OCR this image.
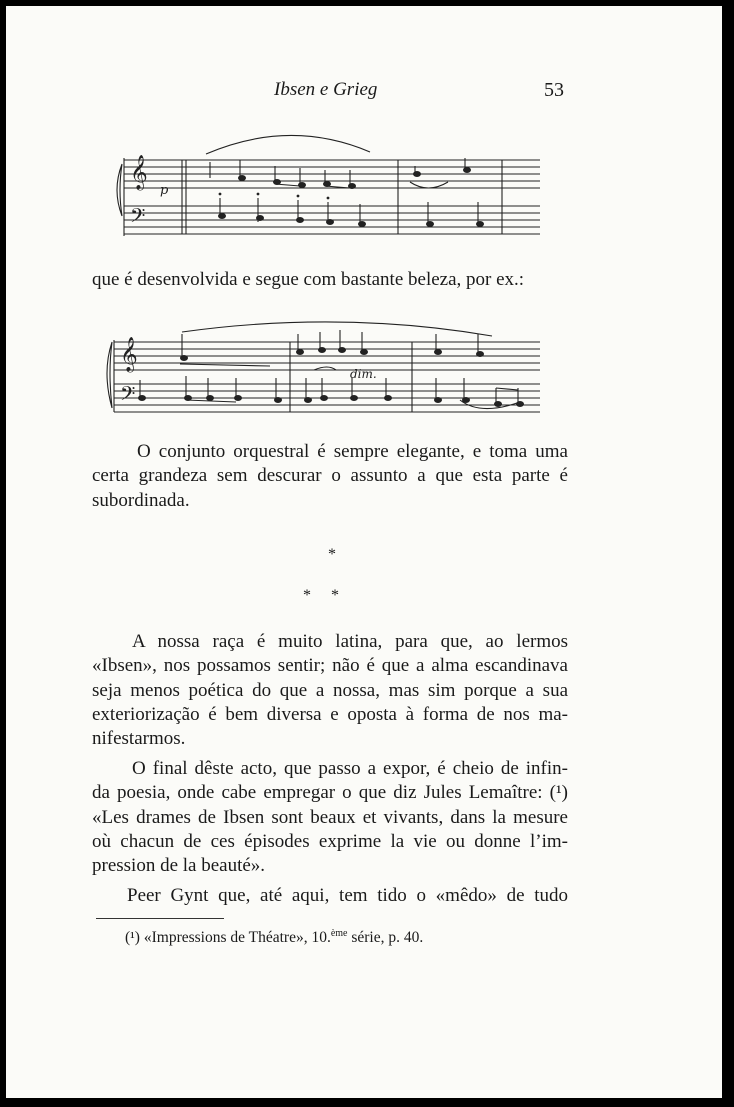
Ibsen e Grieg	53
𝄞
𝄢
p
que é desenvolvida e segue com bastante beleza, por ex.:
𝄞
𝄢
dim.
O conjunto orquestral é sempre elegante, e toma uma
certa grandeza sem descurar o assunto a que esta parte é
subordinada.
*
*     *
A nossa raça é muito latina, para que, ao lermos
«Ibsen», nos possamos sentir; não é que a alma escandinava
seja menos poética do que a nossa, mas sim porque a sua
exteriorização é bem diversa e oposta à forma de nos ma-
nifestarmos.
O final dêste acto, que passo a expor, é cheio de infin-
da poesia, onde cabe empregar o que diz Jules Lemaître: (¹)
«Les drames de Ibsen sont beaux et vivants, dans la mesure
où chacun de ces épisodes exprime la vie ou donne l’im-
pression de la beauté».
Peer Gynt que, até aqui, tem tido o «mêdo» de tudo
(¹) «Impressions de Théatre», 10.$^{ème}$ série, p. 40.
